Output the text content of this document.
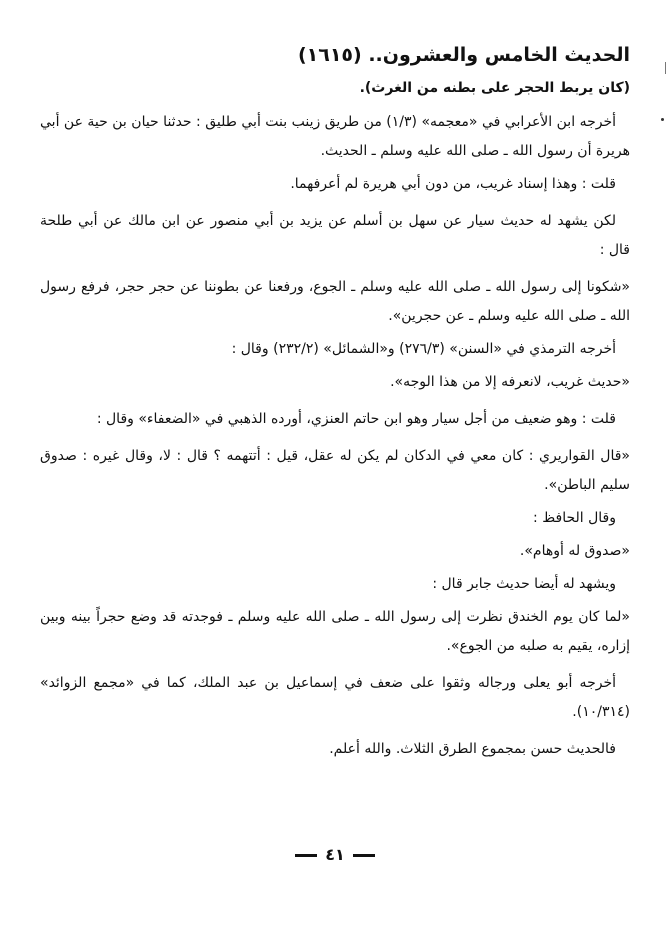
الحديث الخامس والعشرون.. (١٦١٥)
(كان يربط الحجر على بطنه من الغرث).
أخرجه ابن الأعرابي في «معجمه» (١/٣) من طريق زينب بنت أبي طليق : حدثنا حيان بن حية عن أبي هريرة أن رسول الله ـ صلى الله عليه وسلم ـ الحديث.
قلت : وهذا إسناد غريب، من دون أبي هريرة لم أعرفهما.
لكن يشهد له حديث سيار عن سهل بن أسلم عن يزيد بن أبي منصور عن ابن مالك عن أبي طلحة قال :
«شكونا إلى رسول الله ـ صلى الله عليه وسلم ـ الجوع، ورفعنا عن بطوننا عن حجر حجر، فرفع رسول الله ـ صلى الله عليه وسلم ـ عن حجرين».
أخرجه الترمذي في «السنن» (٢٧٦/٣) و«الشمائل» (٢٣٢/٢) وقال :
«حديث غريب، لانعرفه إلا من هذا الوجه».
قلت : وهو ضعيف من أجل سيار وهو ابن حاتم العنزي، أورده الذهبي في «الضعفاء» وقال :
«قال القواريري : كان معي في الدكان لم يكن له عقل، قيل : أتتهمه ؟ قال : لا، وقال غيره : صدوق سليم الباطن».
وقال الحافظ :
«صدوق له أوهام».
ويشهد له أيضا حديث جابر قال :
«لما كان يوم الخندق نظرت إلى رسول الله ـ صلى الله عليه وسلم ـ فوجدته قد وضع حجراً بينه وبين إزاره، يقيم به صلبه من الجوع».
أخرجه أبو يعلى ورجاله وثقوا على ضعف في إسماعيل بن عبد الملك، كما في «مجمع الزوائد» (١٠/٣١٤).
فالحديث حسن بمجموع الطرق الثلاث. والله أعلم.
٤١
